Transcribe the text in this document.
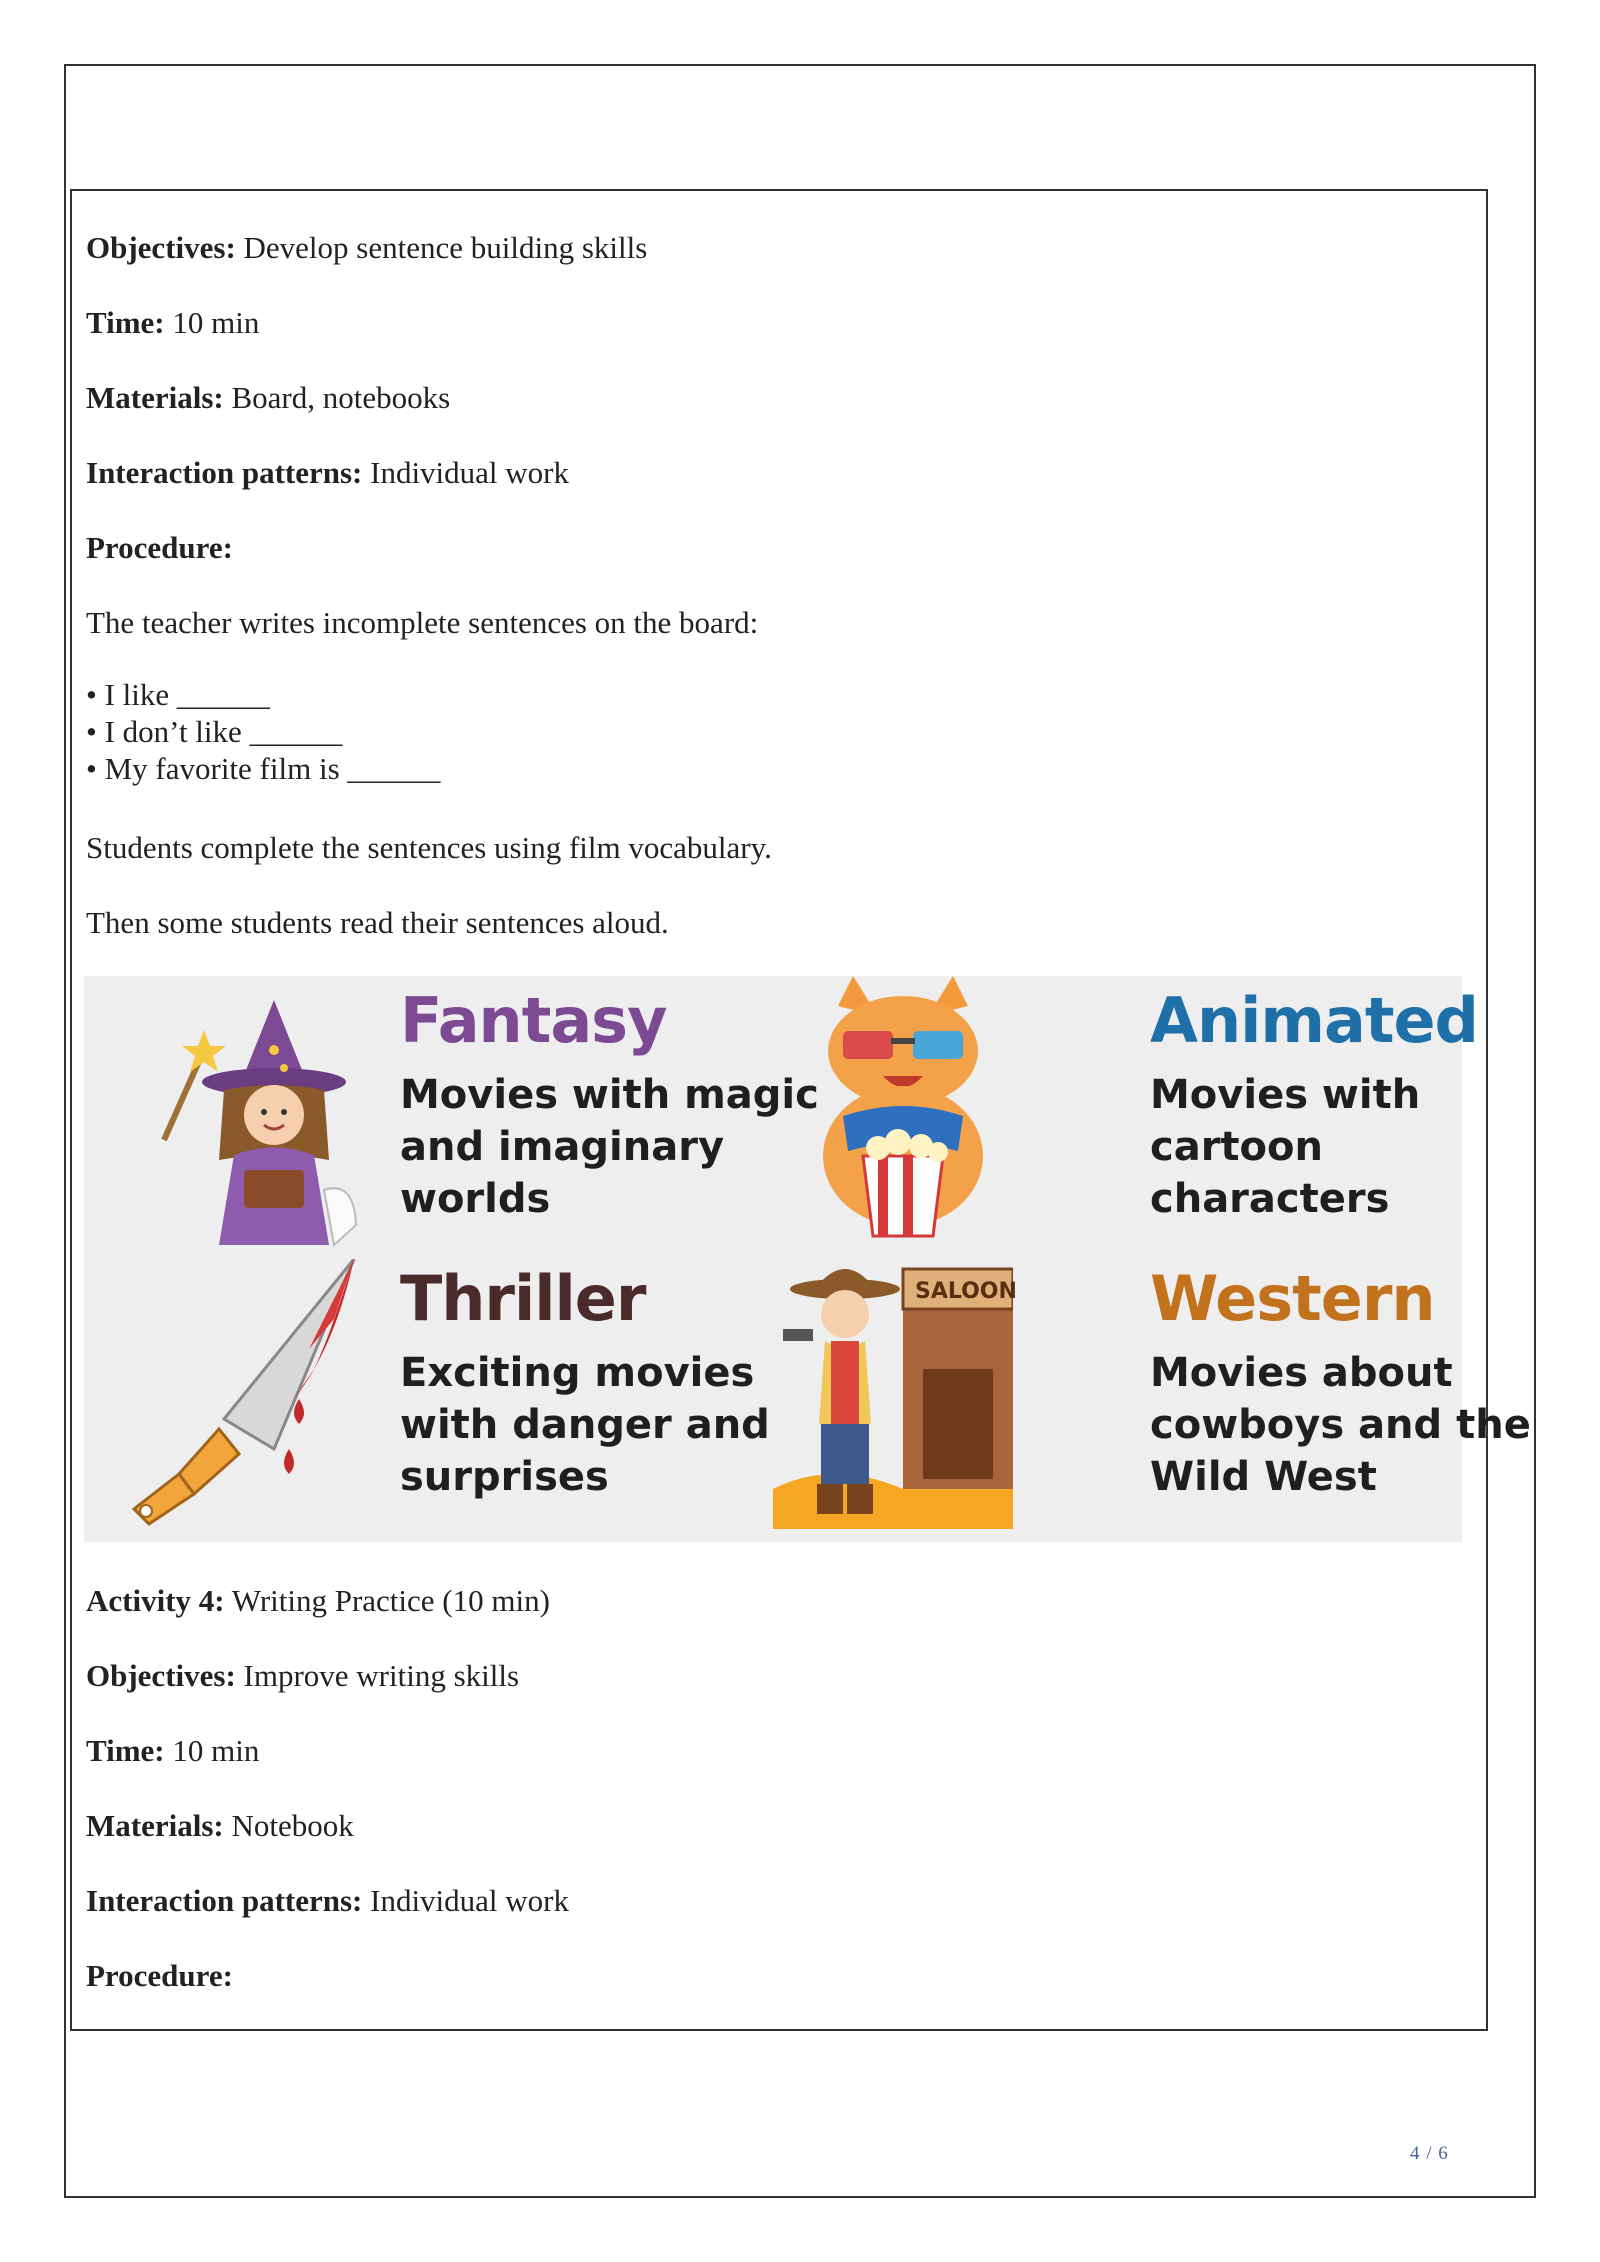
Objectives: Develop sentence building skills
Time: 10 min
Materials: Board, notebooks
Interaction patterns: Individual work
Procedure:
The teacher writes incomplete sentences on the board:
• I like ______
• I don’t like ______
• My favorite film is ______
Students complete the sentences using film vocabulary.
Then some students read their sentences aloud.
Fantasy
Movies with magic and imaginary worlds
Animated
Movies with cartoon characters
Thriller
Exciting movies with danger and surprises
SALOON Western
Movies about cowboys and the Wild West
Activity 4: Writing Practice (10 min)
Objectives: Improve writing skills
Time: 10 min
Materials: Notebook
Interaction patterns: Individual work
Procedure:
4 / 6
